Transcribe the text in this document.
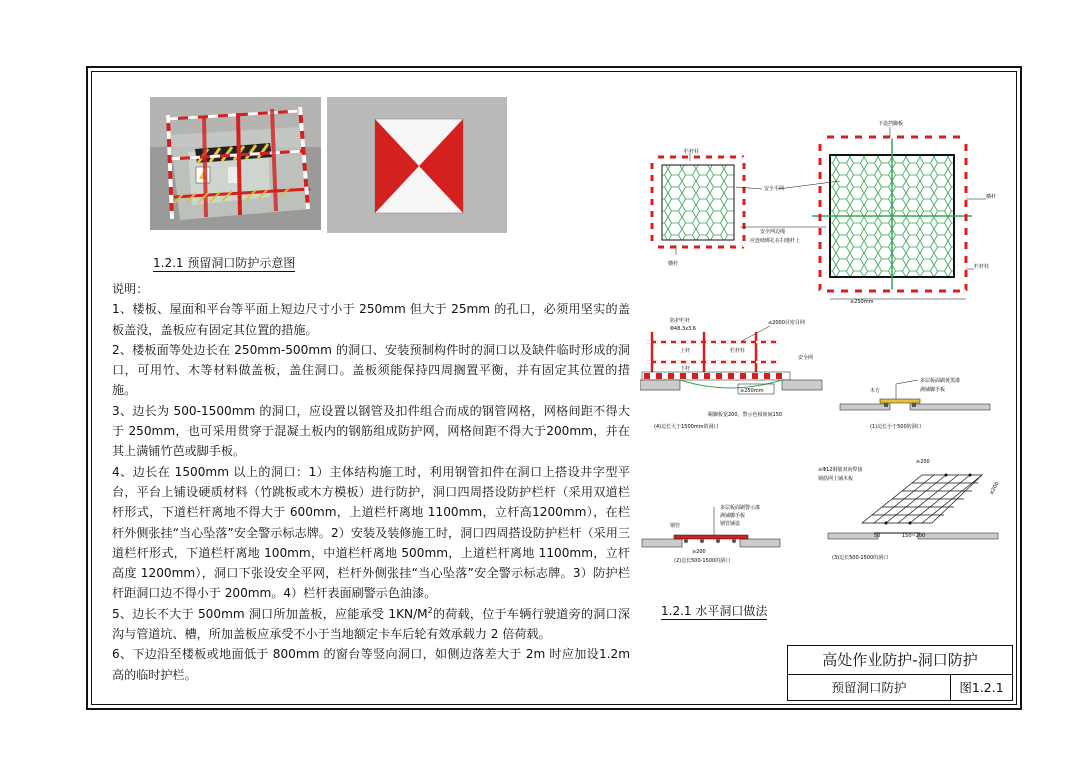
1.2.1 预留洞口防护示意图

说明：

1、楼板、屋面和平台等平面上短边尺寸小于 250mm 但大于 25mm 的孔口，必须用坚实的盖板盖没，盖板应有固定其位置的措施。

2、楼板面等处边长在 250mm-500mm 的洞口、安装预制构件时的洞口以及缺件临时形成的洞口，可用竹、木等材料做盖板，盖住洞口。盖板须能保持四周搁置平衡，并有固定其位置的措施。

3、边长为 500-1500mm 的洞口，应设置以钢管及扣件组合而成的钢管网格，网格间距不得大于 250mm，也可采用贯穿于混凝土板内的钢筋组成防护网，网格间距不得大于200mm，并在其上满铺竹芭或脚手板。

4、边长在 1500mm 以上的洞口：1）主体结构施工时，利用钢管扣件在洞口上搭设井字型平台，平台上铺设硬质材料（竹跳板或木方模板）进行防护，洞口四周搭设防护栏杆（采用双道栏杆形式，下道栏杆离地不得大于 600mm，上道栏杆离地 1100mm，立杆高1200mm），在栏杆外侧张挂“当心坠落”安全警示标志牌。2）安装及装修施工时，洞口四周搭设防护栏杆（采用三道栏杆形式，下道栏杆离地 100mm，中道栏杆离地 500mm，上道栏杆离地 1100mm，立杆高度 1200mm），洞口下张设安全平网，栏杆外侧张挂“当心坠落”安全警示标志牌。3）防护栏杆距洞口边不得小于 200mm。4）栏杆表面刷警示色油漆。

5、边长不大于 500mm 洞口所加盖板，应能承受 $1KN/M^2$的荷载，位于车辆行驶道旁的洞口深沟与管道坑、槽，所加盖板应承受不小于当地额定卡车后轮有效承载力 2 倍荷载。

6、下边沿至楼板或地面低于 800mm 的窗台等竖向洞口，如侧边落差大于 2m 时应加设1.2m 高的临时护栏。

栏杆柱
横杆
下设挡脚板
安全平网
安全网边绳
应连续绑孔在扫地杆上
横杆
栏杆柱
≥250mm
防护栏杆
Φ48.3x3.6
≤2000目密目网
上杆	栏杆柱
安全网
下杆
≥250mm
踢脚板宽200，警示色相间间150
(4)边长大于1500mm的洞口
多层板面刷黄黑漆
满铺脚手板
木方
(1)边长小于500的洞口
多层板面刷警示漆
满铺脚手板
钢管铺设
钢管
≥200
(2)边长500-1500的洞口
≤Φ12钢筋双向焊接
钢筋网上铺木板
≥200
≤200
50	150~200
(3)边长500-1500的洞口
1.2.1 水平洞口做法
高处作业防护-洞口防护
预留洞口防护	图1.2.1
